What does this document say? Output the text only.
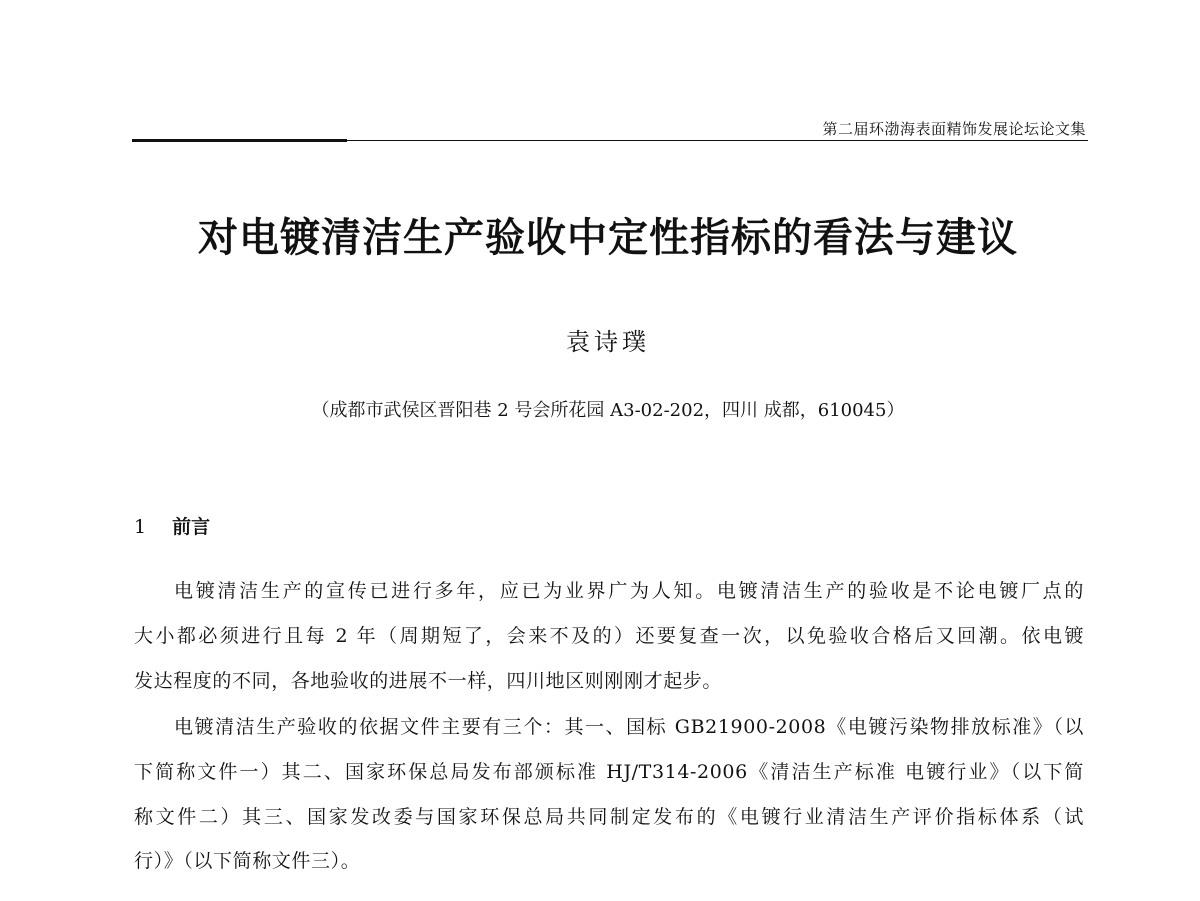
第二届环渤海表面精饰发展论坛论文集
对电镀清洁生产验收中定性指标的看法与建议
袁诗璞
（成都市武侯区晋阳巷 2 号会所花园 A3-02-202，四川 成都，610045）
1 前言
电镀清洁生产的宣传已进行多年，应已为业界广为人知。电镀清洁生产的验收是不论电镀厂点的
大小都必须进行且每 2 年（周期短了，会来不及的）还要复查一次，以免验收合格后又回潮。依电镀
发达程度的不同，各地验收的进展不一样，四川地区则刚刚才起步。
电镀清洁生产验收的依据文件主要有三个：其一、国标 GB21900-2008《电镀污染物排放标准》（以
下简称文件一）其二、国家环保总局发布部颁标准 HJ/T314-2006《清洁生产标准 电镀行业》（以下简
称文件二）其三、国家发改委与国家环保总局共同制定发布的《电镀行业清洁生产评价指标体系（试
行）》（以下简称文件三）。
